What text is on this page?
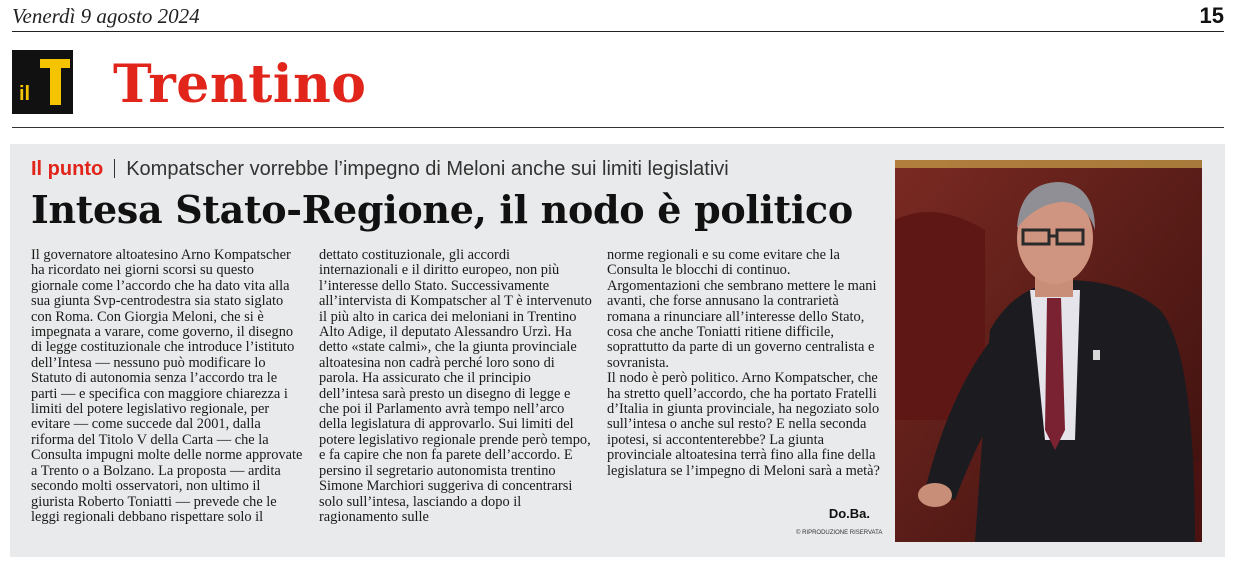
Venerdì 9 agosto 2024	15
il Trentino
Il punto Kompatscher vorrebbe l’impegno di Meloni anche sui limiti legislativi
Intesa Stato-Regione, il nodo è politico

Il governatore altoatesino Arno Kompatscher ha ricordato nei giorni scorsi su questo giornale come l’accordo che ha dato vita alla sua giunta Svp-centrodestra sia stato siglato con Roma. Con Giorgia Meloni, che si è impegnata a varare, come governo, il disegno di legge costituzionale che introduce l’istituto dell’Intesa — nessuno può modificare lo Statuto di autonomia senza l’accordo tra le parti — e specifica con maggiore chiarezza i limiti del potere legislativo regionale, per evitare — come succede dal 2001, dalla riforma del Titolo V della Carta — che la Consulta impugni molte delle norme approvate a Trento o a Bolzano. La proposta — ardita secondo molti osservatori, non ultimo il giurista Roberto Toniatti — prevede che le leggi regionali debbano rispettare solo il

dettato costituzionale, gli accordi internazionali e il diritto europeo, non più l’interesse dello Stato. Successivamente all’intervista di Kompatscher al T è intervenuto il più alto in carica dei meloniani in Trentino Alto Adige, il deputato Alessandro Urzì. Ha detto «state calmi», che la giunta provinciale altoatesina non cadrà perché loro sono di parola. Ha assicurato che il principio dell’intesa sarà presto un disegno di legge e che poi il Parlamento avrà tempo nell’arco della legislatura di approvarlo. Sui limiti del potere legislativo regionale prende però tempo, e fa capire che non fa parete dell’accordo. E persino il segretario autonomista trentino Simone Marchiori suggeriva di concentrarsi solo sull’intesa, lasciando a dopo il ragionamento sulle

norme regionali e su come evitare che la Consulta le blocchi di continuo. Argomentazioni che sembrano mettere le mani avanti, che forse annusano la contrarietà romana a rinunciare all’interesse dello Stato, cosa che anche Toniatti ritiene difficile, soprattutto da parte di un governo centralista e sovranista.

Il nodo è però politico. Arno Kompatscher, che ha stretto quell’accordo, che ha portato Fratelli d’Italia in giunta provinciale, ha negoziato solo sull’intesa o anche sul resto? E nella seconda ipotesi, si accontenterebbe? La giunta provinciale altoatesina terrà fino alla fine della legislatura se l’impegno di Meloni sarà a metà?

Do.Ba.
© RIPRODUZIONE RISERVATA
